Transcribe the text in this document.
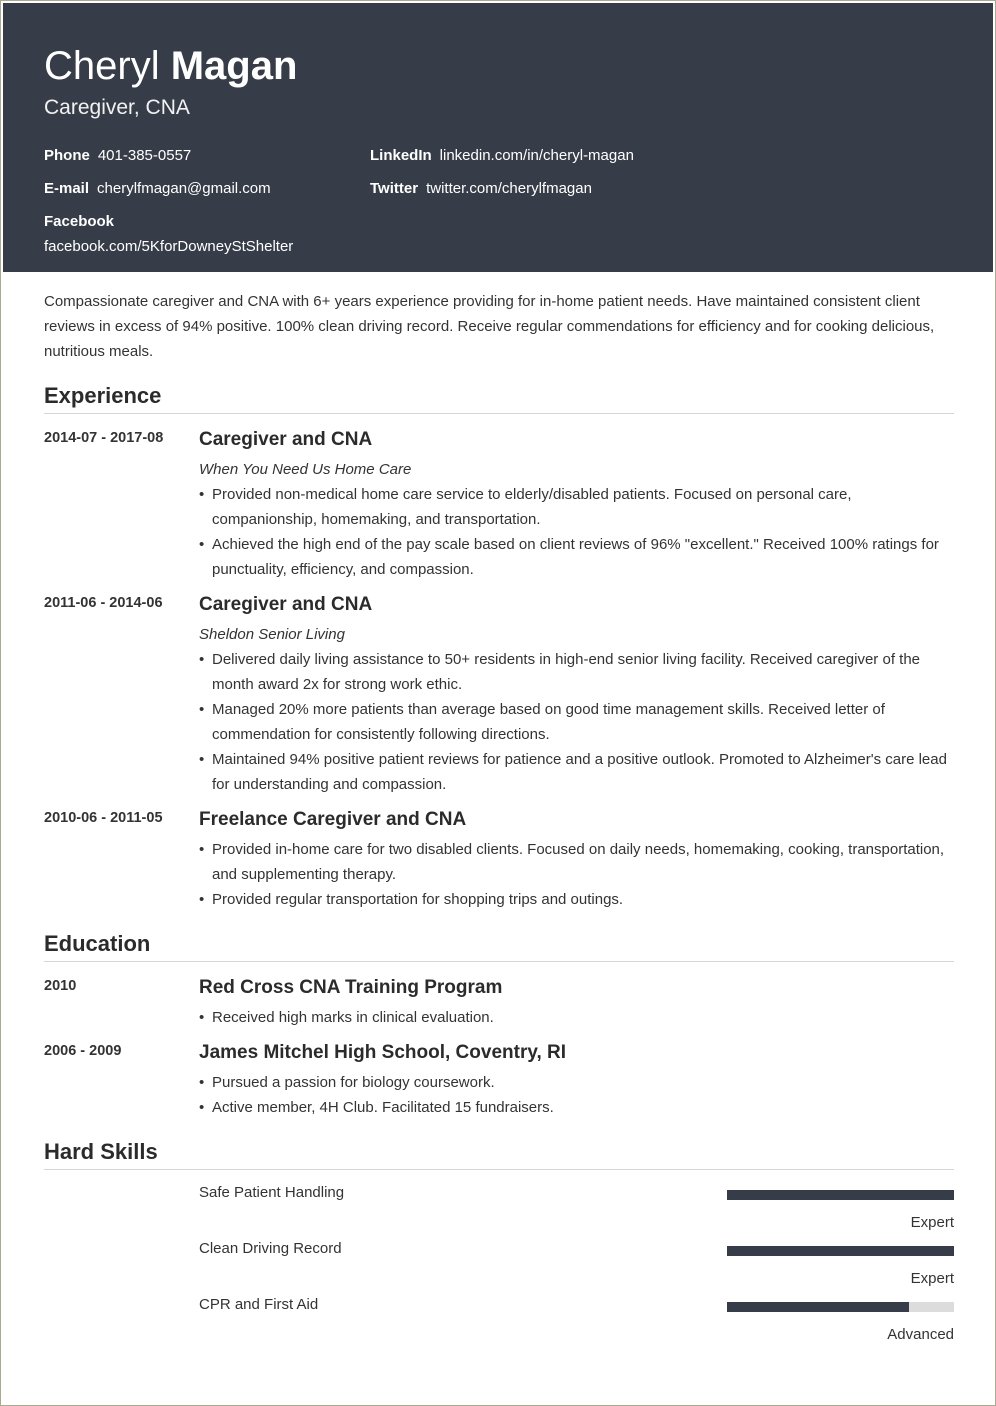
Cheryl Magan
Caregiver, CNA
Phone 401-385-0557
E-mail cherylfmagan@gmail.com
Facebook
facebook.com/5KforDowneyStShelter
LinkedIn linkedin.com/in/cheryl-magan
Twitter twitter.com/cherylfmagan
Compassionate caregiver and CNA with 6+ years experience providing for in-home patient needs. Have maintained consistent client reviews in excess of 94% positive. 100% clean driving record. Receive regular commendations for efficiency and for cooking delicious, nutritious meals.
Experience
2014-07 - 2017-08 Caregiver and CNA
When You Need Us Home Care
• Provided non-medical home care service to elderly/disabled patients. Focused on personal care, companionship, homemaking, and transportation.
• Achieved the high end of the pay scale based on client reviews of 96% "excellent." Received 100% ratings for punctuality, efficiency, and compassion.
2011-06 - 2014-06 Caregiver and CNA
Sheldon Senior Living
• Delivered daily living assistance to 50+ residents in high-end senior living facility. Received caregiver of the month award 2x for strong work ethic.
• Managed 20% more patients than average based on good time management skills. Received letter of commendation for consistently following directions.
• Maintained 94% positive patient reviews for patience and a positive outlook. Promoted to Alzheimer's care lead for understanding and compassion.
2010-06 - 2011-05 Freelance Caregiver and CNA
• Provided in-home care for two disabled clients. Focused on daily needs, homemaking, cooking, transportation, and supplementing therapy.
• Provided regular transportation for shopping trips and outings.
Education
2010	Red Cross CNA Training Program
• Received high marks in clinical evaluation.
2006 - 2009	James Mitchel High School, Coventry, RI
• Pursued a passion for biology coursework.
• Active member, 4H Club. Facilitated 15 fundraisers.
Hard Skills
Safe Patient Handling
Expert
Clean Driving Record
Expert
CPR and First Aid
Advanced
